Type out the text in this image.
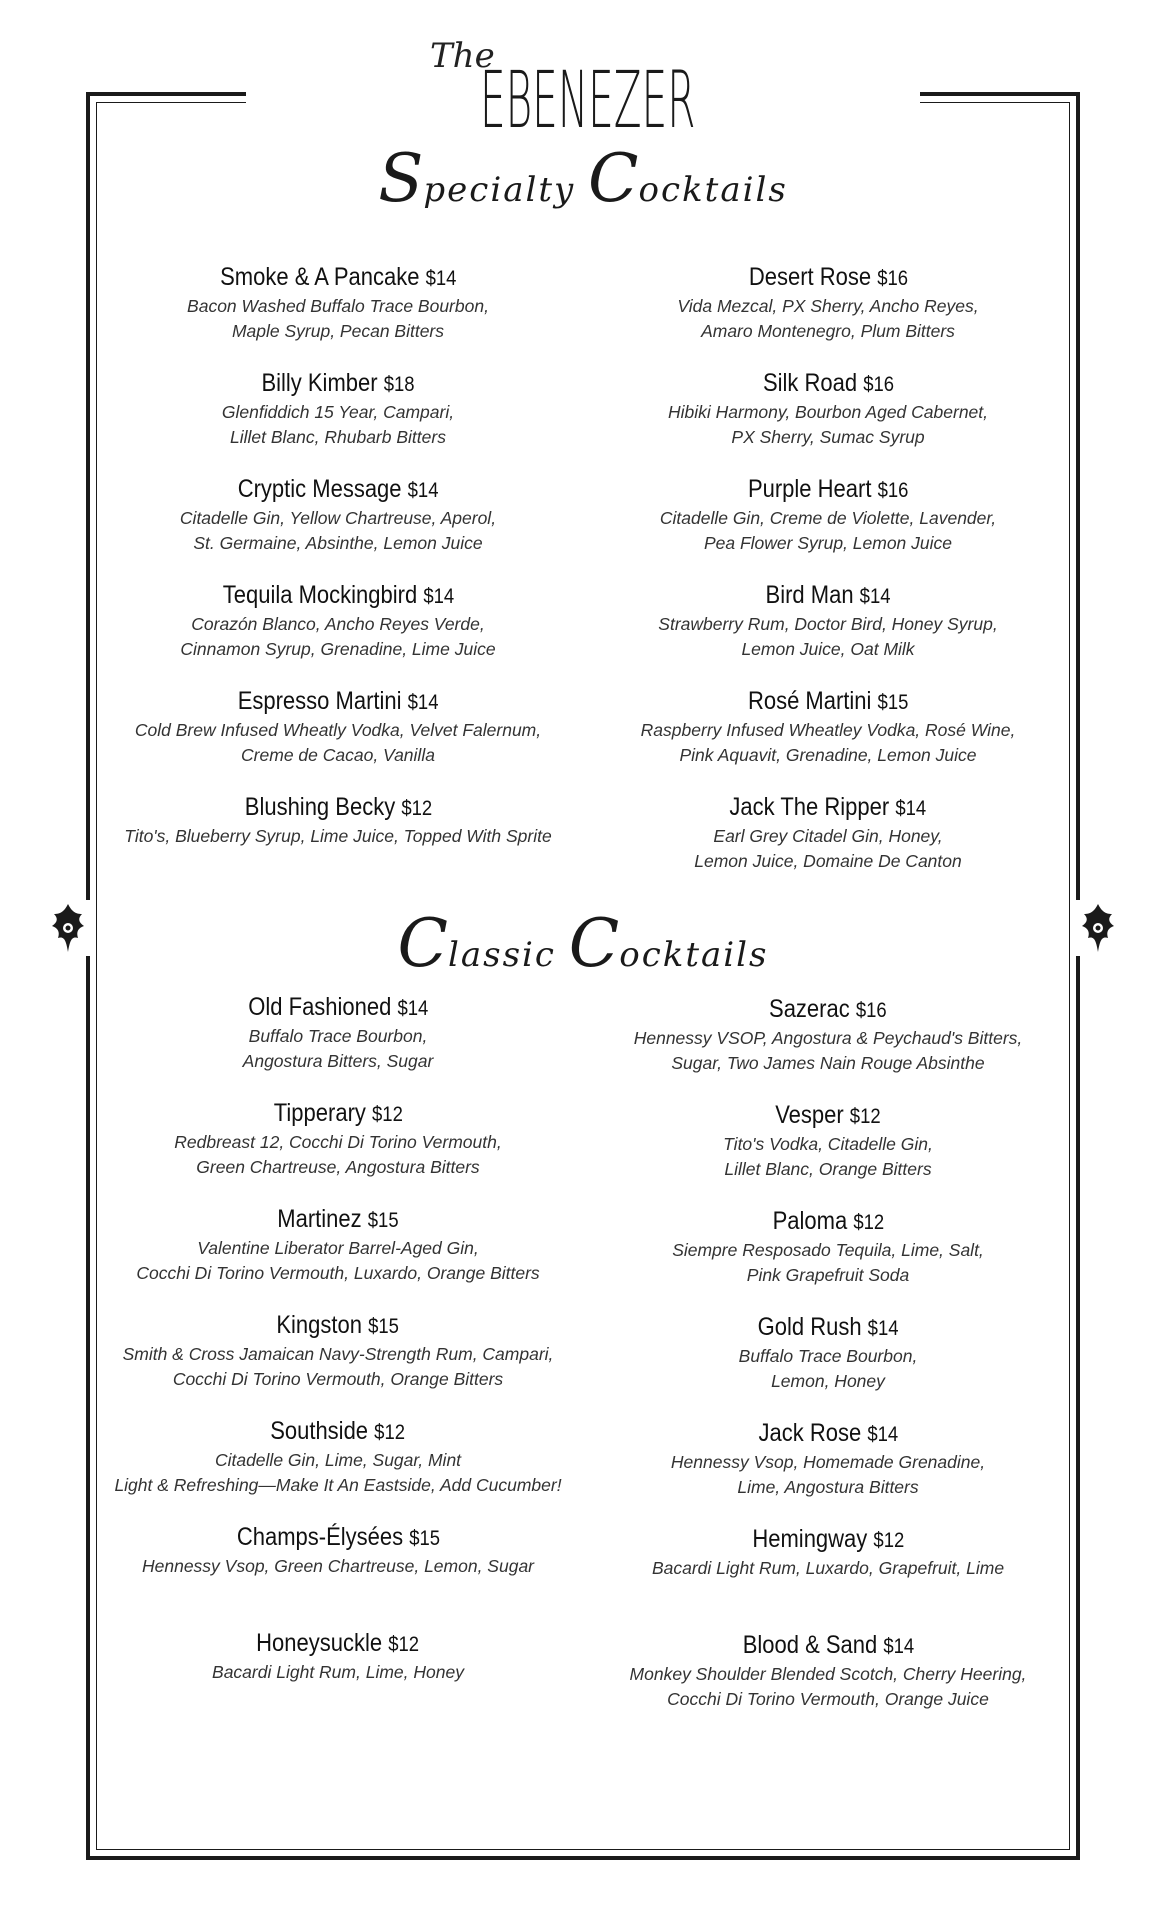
The
EBENEZER
Specialty Cocktails
Smoke & A Pancake $14
Bacon Washed Buffalo Trace Bourbon,
Maple Syrup, Pecan Bitters
Billy Kimber $18
Glenfiddich 15 Year, Campari,
Lillet Blanc, Rhubarb Bitters
Cryptic Message $14
Citadelle Gin, Yellow Chartreuse, Aperol,
St. Germaine, Absinthe, Lemon Juice
Tequila Mockingbird $14
Corazón Blanco, Ancho Reyes Verde,
Cinnamon Syrup, Grenadine, Lime Juice
Espresso Martini $14
Cold Brew Infused Wheatly Vodka, Velvet Falernum,
Creme de Cacao, Vanilla
Blushing Becky $12
Tito's, Blueberry Syrup, Lime Juice, Topped With Sprite
Desert Rose $16
Vida Mezcal, PX Sherry, Ancho Reyes,
Amaro Montenegro, Plum Bitters
Silk Road $16
Hibiki Harmony, Bourbon Aged Cabernet,
PX Sherry, Sumac Syrup
Purple Heart $16
Citadelle Gin, Creme de Violette, Lavender,
Pea Flower Syrup, Lemon Juice
Bird Man $14
Strawberry Rum, Doctor Bird, Honey Syrup,
Lemon Juice, Oat Milk
Rosé Martini $15
Raspberry Infused Wheatley Vodka, Rosé Wine,
Pink Aquavit, Grenadine, Lemon Juice
Jack The Ripper $14
Earl Grey Citadel Gin, Honey,
Lemon Juice, Domaine De Canton
Classic Cocktails
Old Fashioned $14
Buffalo Trace Bourbon,
Angostura Bitters, Sugar
Tipperary $12
Redbreast 12, Cocchi Di Torino Vermouth,
Green Chartreuse, Angostura Bitters
Martinez $15
Valentine Liberator Barrel-Aged Gin,
Cocchi Di Torino Vermouth, Luxardo, Orange Bitters
Kingston $15
Smith & Cross Jamaican Navy-Strength Rum, Campari,
Cocchi Di Torino Vermouth, Orange Bitters
Southside $12
Citadelle Gin, Lime, Sugar, Mint
Light & Refreshing—Make It An Eastside, Add Cucumber!
Champs-Élysées $15
Hennessy Vsop, Green Chartreuse, Lemon, Sugar
Honeysuckle $12
Bacardi Light Rum, Lime, Honey
Sazerac $16
Hennessy VSOP, Angostura & Peychaud's Bitters,
Sugar, Two James Nain Rouge Absinthe
Vesper $12
Tito's Vodka, Citadelle Gin,
Lillet Blanc, Orange Bitters
Paloma $12
Siempre Resposado Tequila, Lime, Salt,
Pink Grapefruit Soda
Gold Rush $14
Buffalo Trace Bourbon,
Lemon, Honey
Jack Rose $14
Hennessy Vsop, Homemade Grenadine,
Lime, Angostura Bitters
Hemingway $12
Bacardi Light Rum, Luxardo, Grapefruit, Lime
Blood & Sand $14
Monkey Shoulder Blended Scotch, Cherry Heering,
Cocchi Di Torino Vermouth, Orange Juice
